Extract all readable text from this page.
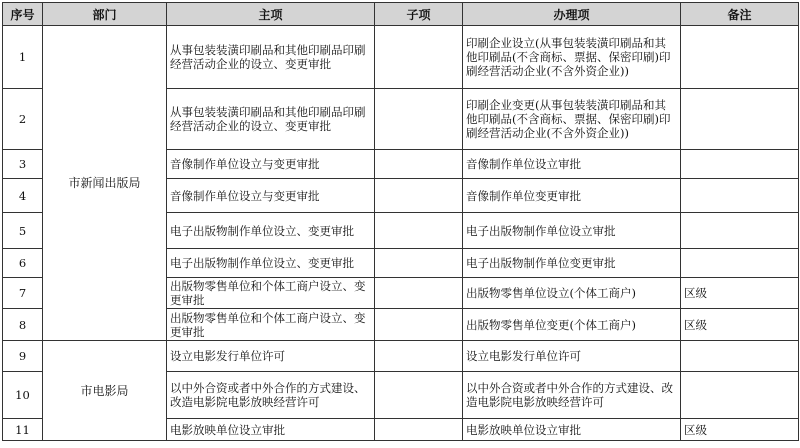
序号	部门	主项	子项	办理项	备注
1	市新闻出版局	从事包装装潢印刷品和其他印刷品印刷经营活动企业的设立、变更审批		印刷企业设立(从事包装装潢印刷品和其他印刷品(不含商标、票据、保密印刷)印刷经营活动企业(不含外资企业))	
2		从事包装装潢印刷品和其他印刷品印刷经营活动企业的设立、变更审批		印刷企业变更(从事包装装潢印刷品和其他印刷品(不含商标、票据、保密印刷)印刷经营活动企业(不含外资企业))	
3		音像制作单位设立与变更审批		音像制作单位设立审批	
4		音像制作单位设立与变更审批		音像制作单位变更审批	
5		电子出版物制作单位设立、变更审批		电子出版物制作单位设立审批	
6		电子出版物制作单位设立、变更审批		电子出版物制作单位变更审批	
7		出版物零售单位和个体工商户设立、变更审批		出版物零售单位设立(个体工商户)	区级
8		出版物零售单位和个体工商户设立、变更审批		出版物零售单位变更(个体工商户)	区级
9	市电影局	设立电影发行单位许可		设立电影发行单位许可	
10		以中外合资或者中外合作的方式建设、改造电影院电影放映经营许可		以中外合资或者中外合作的方式建设、改造电影院电影放映经营许可	
11		电影放映单位设立审批		电影放映单位设立审批	区级
